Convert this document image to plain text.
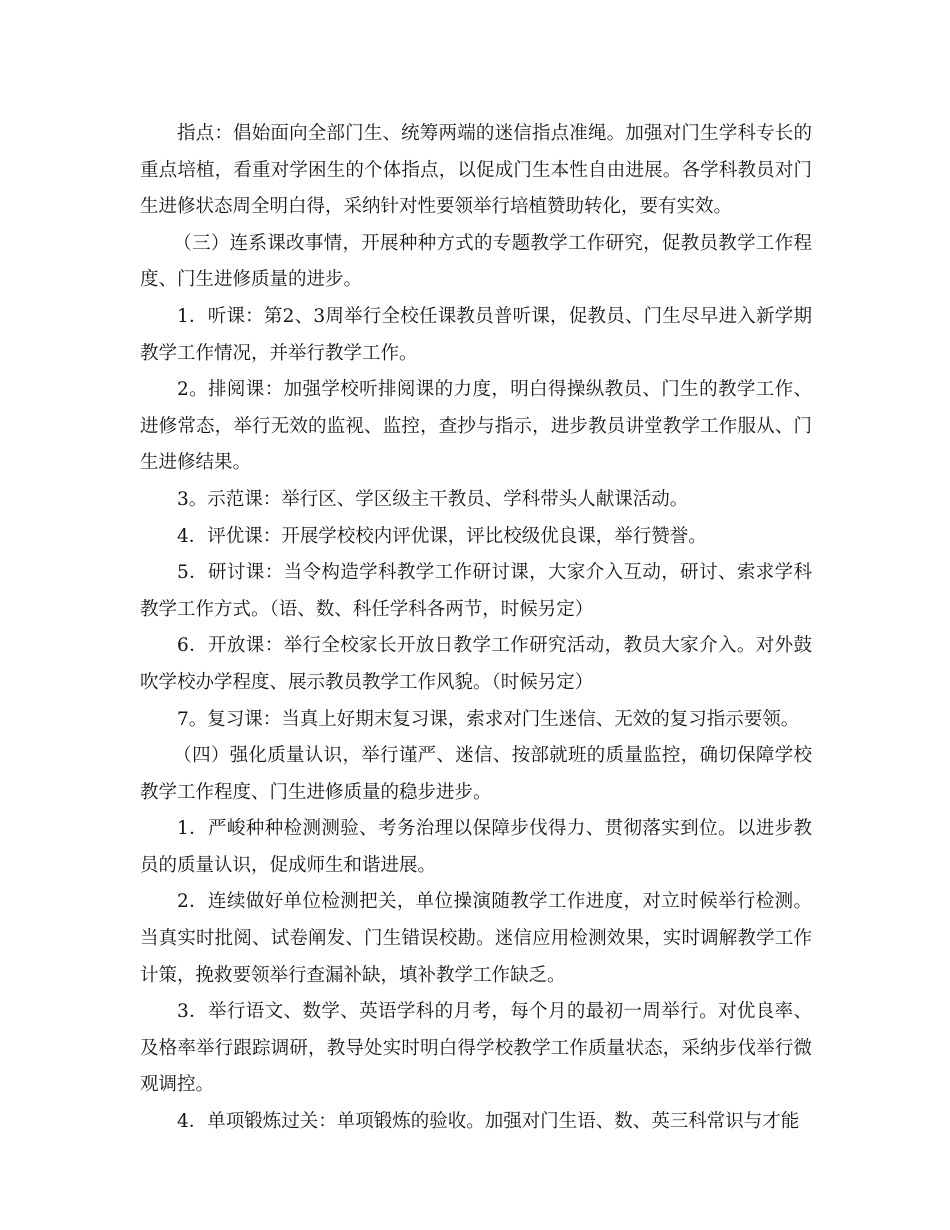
指点：倡始面向全部门生、统筹两端的迷信指点准绳。加强对门生学科专长的重点培植，看重对学困生的个体指点，以促成门生本性自由进展。各学科教员对门生进修状态周全明白得，采纳针对性要领举行培植赞助转化，要有实效。

（三）连系课改事情，开展种种方式的专题教学工作研究，促教员教学工作程度、门生进修质量的进步。

1．听课：第2、3周举行全校任课教员普听课，促教员、门生尽早进入新学期教学工作情况，并举行教学工作。

2。排阅课：加强学校听排阅课的力度，明白得操纵教员、门生的教学工作、进修常态，举行无效的监视、监控，查抄与指示，进步教员讲堂教学工作服从、门生进修结果。

3。示范课：举行区、学区级主干教员、学科带头人献课活动。

4．评优课：开展学校校内评优课，评比校级优良课，举行赞誉。

5．研讨课：当令构造学科教学工作研讨课，大家介入互动，研讨、索求学科教学工作方式。（语、数、科任学科各两节，时候另定）

6．开放课：举行全校家长开放日教学工作研究活动，教员大家介入。对外鼓吹学校办学程度、展示教员教学工作风貌。（时候另定）

7。复习课：当真上好期末复习课，索求对门生迷信、无效的复习指示要领。

（四）强化质量认识，举行谨严、迷信、按部就班的质量监控，确切保障学校教学工作程度、门生进修质量的稳步进步。

1．严峻种种检测测验、考务治理以保障步伐得力、贯彻落实到位。以进步教员的质量认识，促成师生和谐进展。

2．连续做好单位检测把关，单位操演随教学工作进度，对立时候举行检测。当真实时批阅、试卷阐发、门生错误校勘。迷信应用检测效果，实时调解教学工作计策，挽救要领举行查漏补缺，填补教学工作缺乏。

3．举行语文、数学、英语学科的月考，每个月的最初一周举行。对优良率、及格率举行跟踪调研，教导处实时明白得学校教学工作质量状态，采纳步伐举行微观调控。

4．单项锻炼过关：单项锻炼的验收。加强对门生语、数、英三科常识与才能
